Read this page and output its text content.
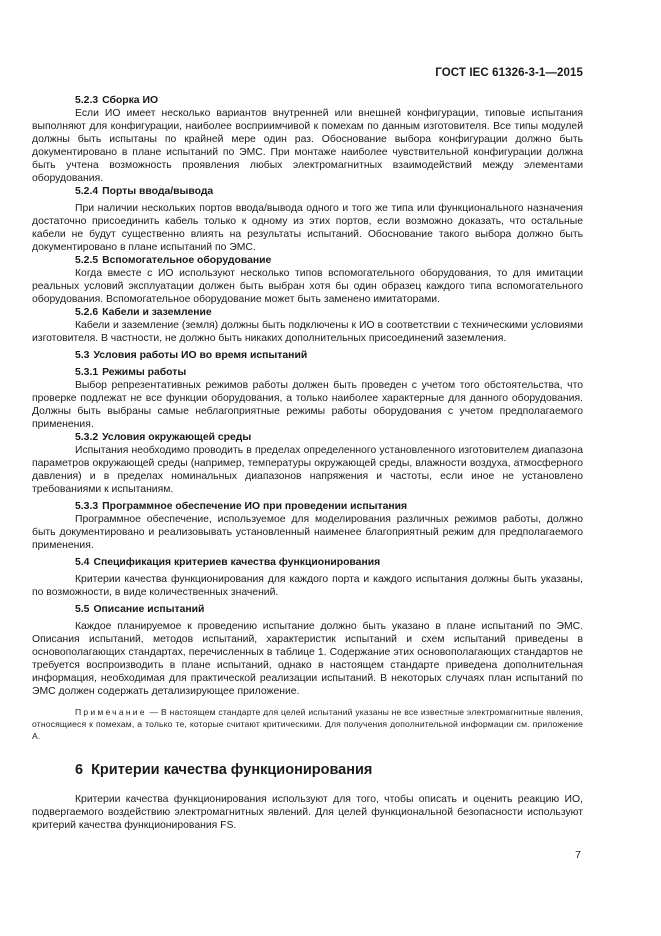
ГОСТ IEC 61326-3-1—2015

5.2.3 Сборка ИО

Если ИО имеет несколько вариантов внутренней или внешней конфигурации, типовые испытания выполняют для конфигурации, наиболее восприимчивой к помехам по данным изготовителя. Все типы модулей должны быть испытаны по крайней мере один раз. Обоснование выбора конфигурации должно быть документировано в плане испытаний по ЭМС. При монтаже наиболее чувствительной конфигурации должна быть учтена возможность проявления любых электромагнитных взаимодействий между элементами оборудования.

5.2.4 Порты ввода/вывода

При наличии нескольких портов ввода/вывода одного и того же типа или функционального назначения достаточно присоединить кабель только к одному из этих портов, если возможно доказать, что остальные кабели не будут существенно влиять на результаты испытаний. Обоснование такого выбора должно быть документировано в плане испытаний по ЭМС.

5.2.5 Вспомогательное оборудование

Когда вместе с ИО используют несколько типов вспомогательного оборудования, то для имитации реальных условий эксплуатации должен быть выбран хотя бы один образец каждого типа вспомогательного оборудования. Вспомогательное оборудование может быть заменено имитаторами.

5.2.6 Кабели и заземление

Кабели и заземление (земля) должны быть подключены к ИО в соответствии с техническими условиями изготовителя. В частности, не должно быть никаких дополнительных присоединений заземления.

5.3 Условия работы ИО во время испытаний

5.3.1 Режимы работы

Выбор репрезентативных режимов работы должен быть проведен с учетом того обстоятельства, что проверке подлежат не все функции оборудования, а только наиболее характерные для данного оборудования. Должны быть выбраны самые неблагоприятные режимы работы оборудования с учетом предполагаемого применения.

5.3.2 Условия окружающей среды

Испытания необходимо проводить в пределах определенного установленного изготовителем диапазона параметров окружающей среды (например, температуры окружающей среды, влажности воздуха, атмосферного давления) и в пределах номинальных диапазонов напряжения и частоты, если иное не установлено требованиями к испытаниям.

5.3.3 Программное обеспечение ИО при проведении испытания

Программное обеспечение, используемое для моделирования различных режимов работы, должно быть документировано и реализовывать установленный наименее благоприятный режим для предполагаемого применения.

5.4 Спецификация критериев качества функционирования

Критерии качества функционирования для каждого порта и каждого испытания должны быть указаны, по возможности, в виде количественных значений.

5.5 Описание испытаний

Каждое планируемое к проведению испытание должно быть указано в плане испытаний по ЭМС. Описания испытаний, методов испытаний, характеристик испытаний и схем испытаний приведены в основополагающих стандартах, перечисленных в таблице 1. Содержание этих основополагающих стандартов не требуется воспроизводить в плане испытаний, однако в настоящем стандарте приведена дополнительная информация, необходимая для практической реализации испытаний. В некоторых случаях план испытаний по ЭМС должен содержать детализирующее приложение.

Примечание — В настоящем стандарте для целей испытаний указаны не все известные электромагнитные явления, относящиеся к помехам, а только те, которые считают критическими. Для получения дополнительной информации см. приложение А.

6 Критерии качества функционирования

Критерии качества функционирования используют для того, чтобы описать и оценить реакцию ИО, подвергаемого воздействию электромагнитных явлений. Для целей функциональной безопасности используют критерий качества функционирования FS.

7
